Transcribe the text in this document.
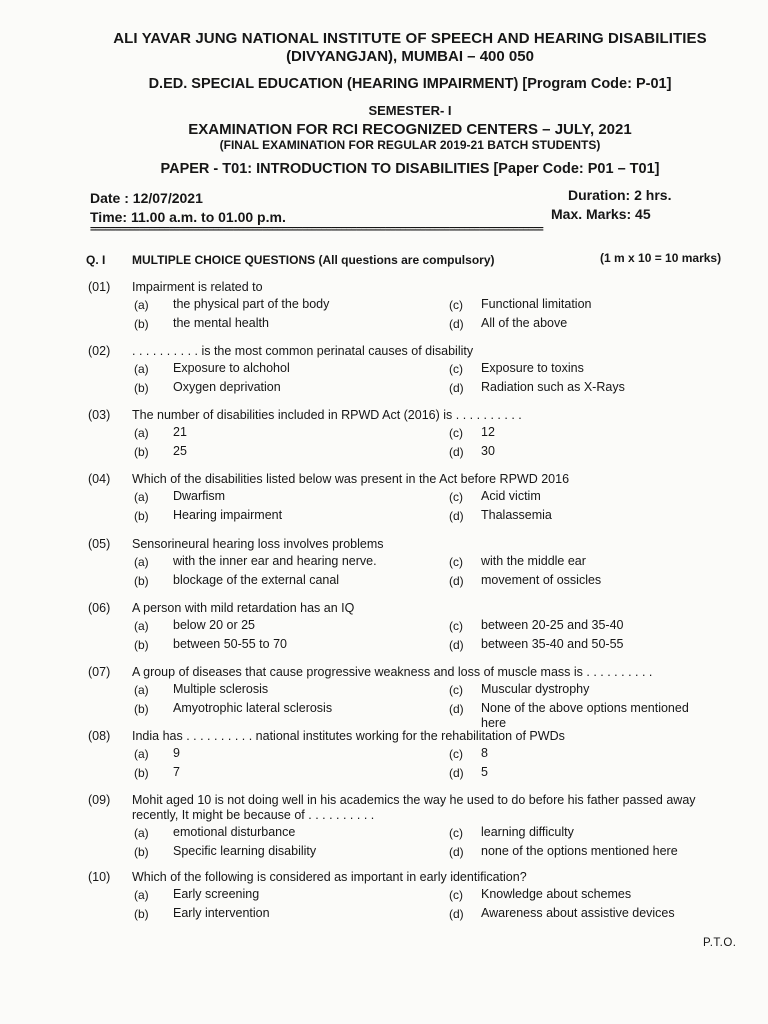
ALI YAVAR JUNG NATIONAL INSTITUTE OF SPEECH AND HEARING DISABILITIES
(DIVYANGJAN), MUMBAI – 400 050
D.ED. SPECIAL EDUCATION (HEARING IMPAIRMENT) [Program Code: P-01]
SEMESTER- I
EXAMINATION FOR RCI RECOGNIZED CENTERS – JULY, 2021
(FINAL EXAMINATION FOR REGULAR 2019-21 BATCH STUDENTS)
PAPER - T01: INTRODUCTION TO DISABILITIES [Paper Code: P01 – T01]
Date : 12/07/2021
Time: 11.00 a.m. to 01.00 p.m.
Duration: 2 hrs.
Max. Marks: 45
============================================================================================
Q. I MULTIPLE CHOICE QUESTIONS (All questions are compulsory)	(1 m x 10 = 10 marks)
(01) Impairment is related to
(a) the physical part of the body
(b) the mental health
(c) Functional limitation
(d) All of the above
(02) . . . . . . . . . . is the most common perinatal causes of disability
(a) Exposure to alchohol
(b) Oxygen deprivation
(c) Exposure to toxins
(d) Radiation such as X-Rays
(03) The number of disabilities included in RPWD Act (2016) is . . . . . . . . . .
(a) 21
(b) 25
(c) 12
(d) 30
(04) Which of the disabilities listed below was present in the Act before RPWD 2016
(a) Dwarfism
(b) Hearing impairment
(c) Acid victim
(d) Thalassemia
(05) Sensorineural hearing loss involves problems
(a) with the inner ear and hearing nerve.
(b) blockage of the external canal
(c) with the middle ear
(d) movement of ossicles
(06) A person with mild retardation has an IQ
(a) below 20 or 25
(b) between 50-55 to 70
(c) between 20-25 and 35-40
(d) between 35-40 and 50-55
(07) A group of diseases that cause progressive weakness and loss of muscle mass is . . . . . . . . . .
(a) Multiple sclerosis
(b) Amyotrophic lateral sclerosis
(c) Muscular dystrophy
(d) None of the above options mentioned here
(08) India has . . . . . . . . . . national institutes working for the rehabilitation of PWDs
(a) 9
(b) 7
(c) 8
(d) 5
(09) Mohit aged 10 is not doing well in his academics the way he used to do before his father passed away recently, It might be because of . . . . . . . . . .
(a) emotional disturbance
(b) Specific learning disability
(c) learning difficulty
(d) none of the options mentioned here
(10) Which of the following is considered as important in early identification?
(a) Early screening
(b) Early intervention
(c) Knowledge about schemes
(d) Awareness about assistive devices
P.T.O.
